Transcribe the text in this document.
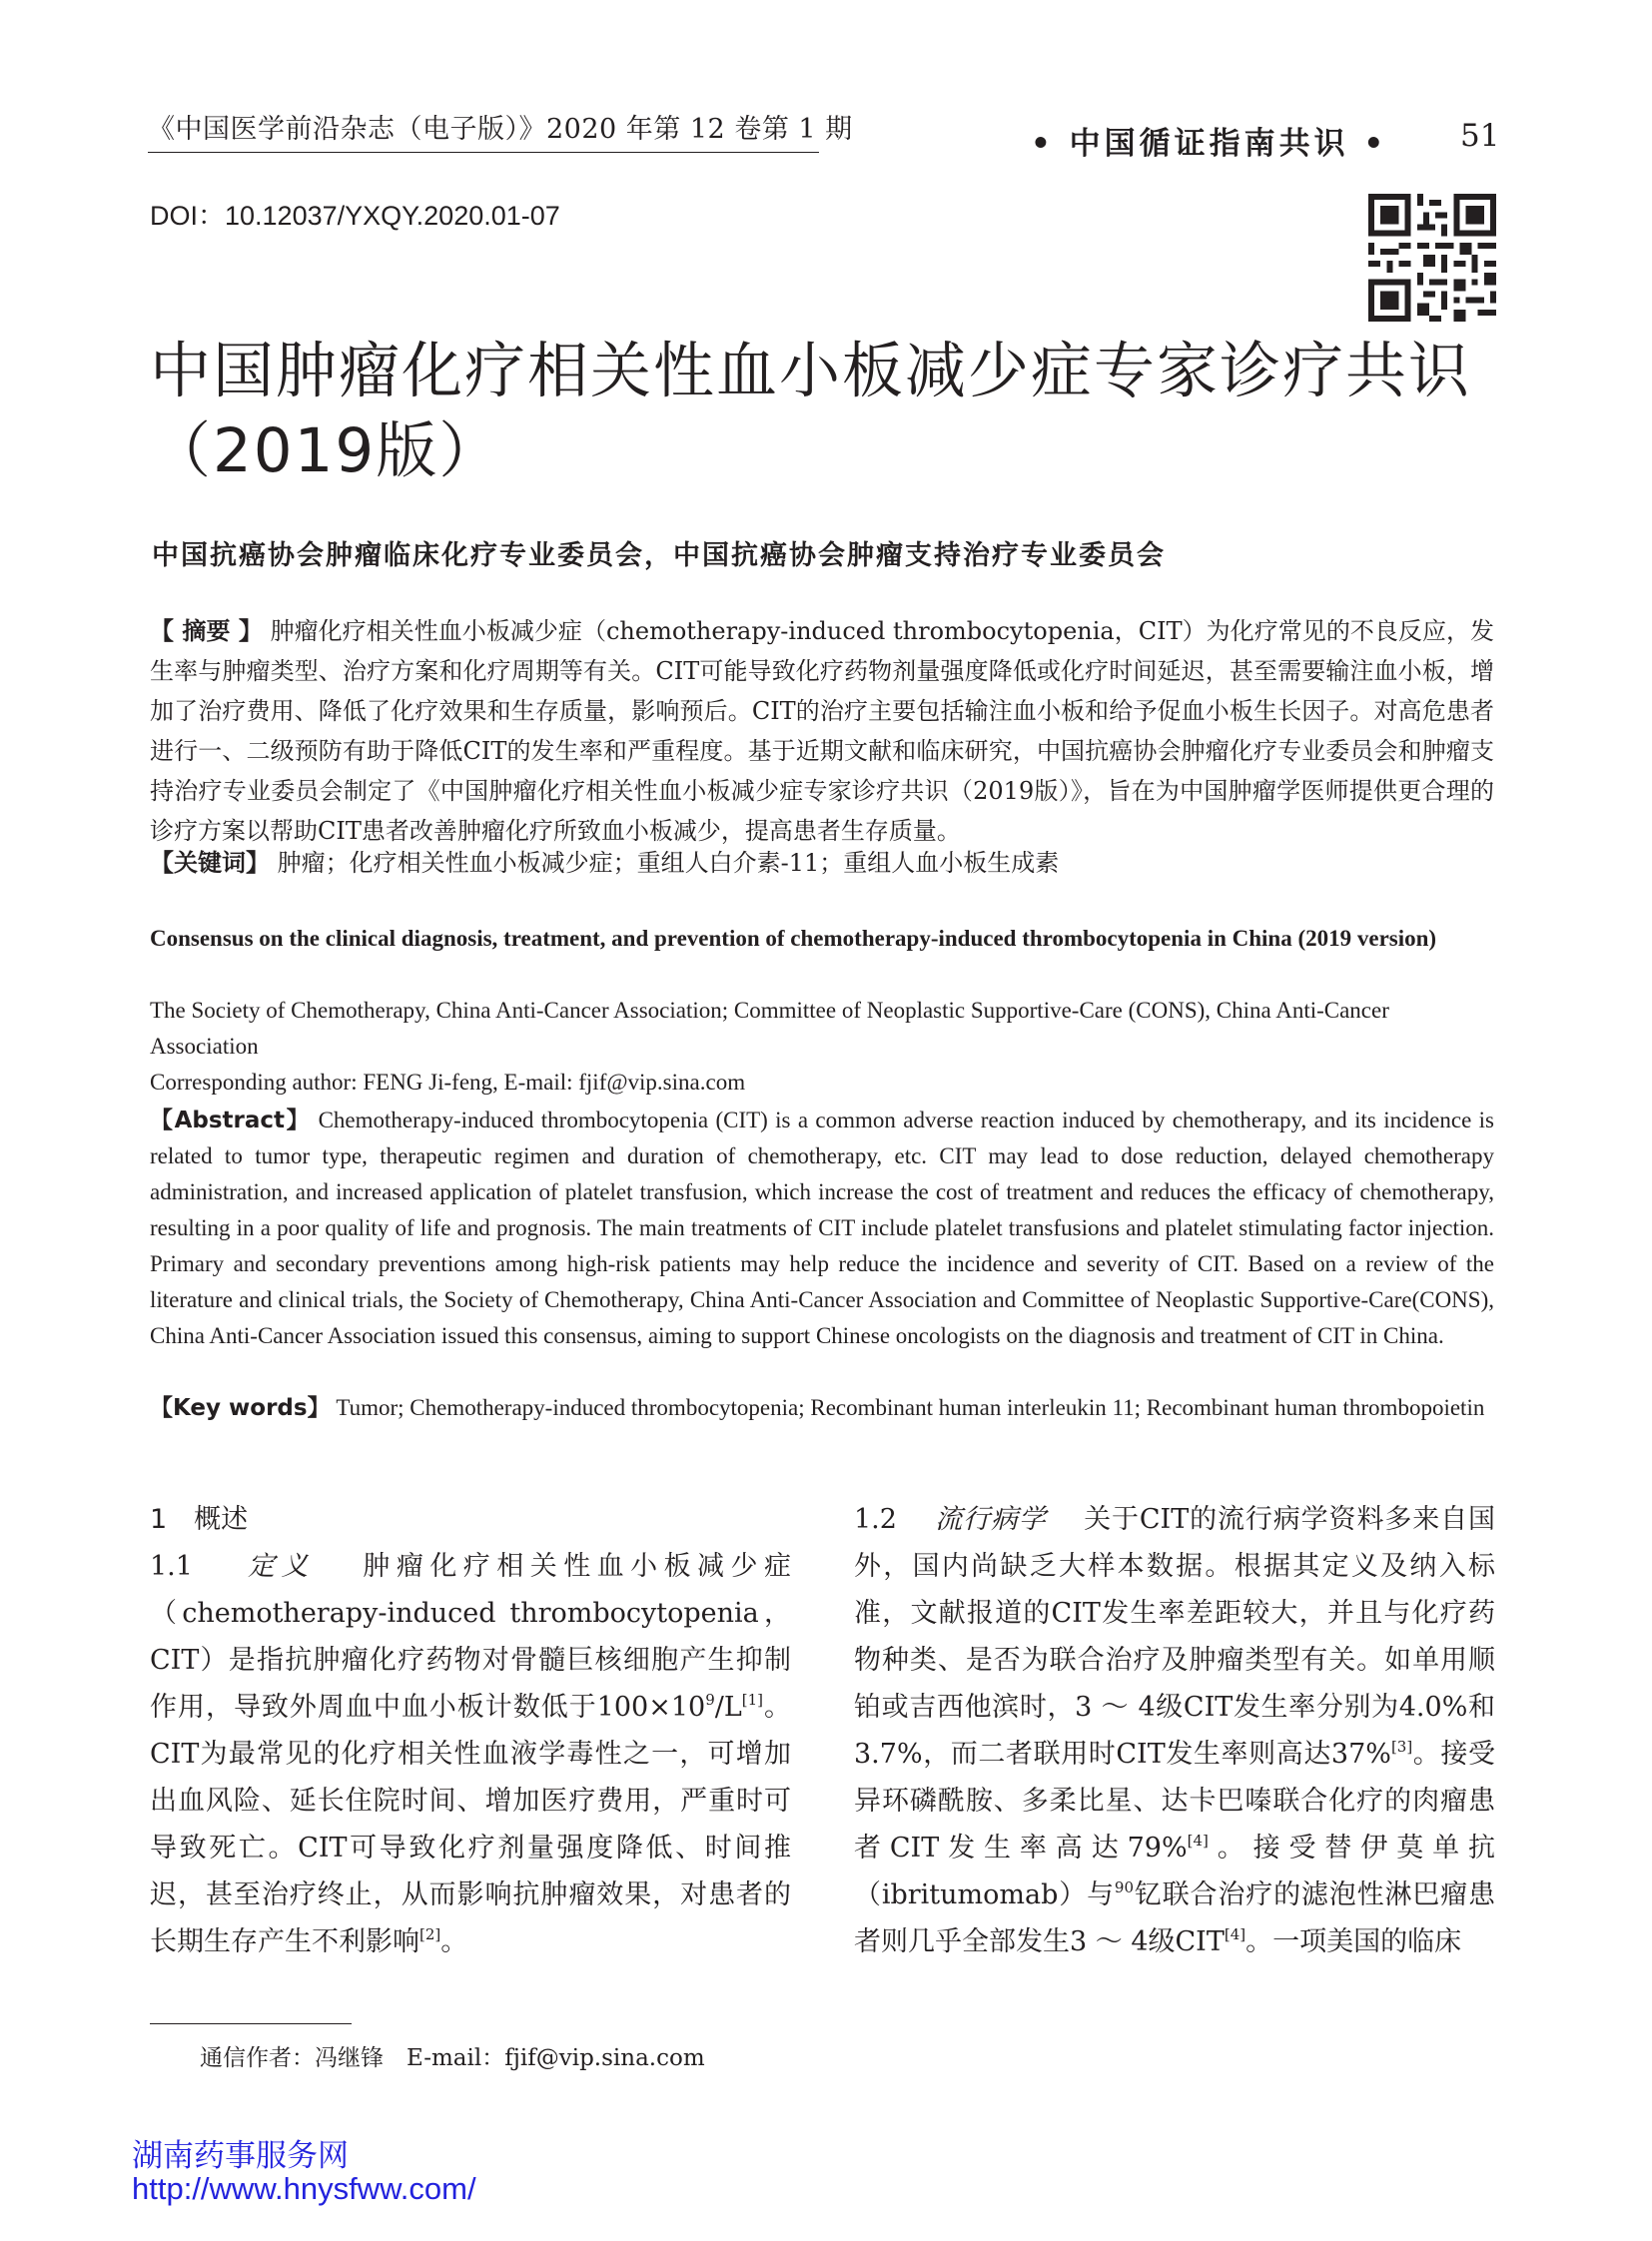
《中国医学前沿杂志（电子版）》2020 年第 12 卷第 1 期	• 中国循证指南共识 • 51
DOI：10.12037/YXQY.2020.01-07
中国肿瘤化疗相关性血小板减少症专家诊疗共识
（2019版）
中国抗癌协会肿瘤临床化疗专业委员会，中国抗癌协会肿瘤支持治疗专业委员会
【 摘要 】 肿瘤化疗相关性血小板减少症（chemotherapy-induced thrombocytopenia，CIT）为化疗常见的不良反应，发生率与肿瘤类型、治疗方案和化疗周期等有关。CIT可能导致化疗药物剂量强度降低或化疗时间延迟，甚至需要输注血小板，增加了治疗费用、降低了化疗效果和生存质量，影响预后。CIT的治疗主要包括输注血小板和给予促血小板生长因子。对高危患者进行一、二级预防有助于降低CIT的发生率和严重程度。基于近期文献和临床研究，中国抗癌协会肿瘤化疗专业委员会和肿瘤支持治疗专业委员会制定了《中国肿瘤化疗相关性血小板减少症专家诊疗共识（2019版）》，旨在为中国肿瘤学医师提供更合理的诊疗方案以帮助CIT患者改善肿瘤化疗所致血小板减少，提高患者生存质量。
【关键词】 肿瘤；化疗相关性血小板减少症；重组人白介素-11；重组人血小板生成素
Consensus on the clinical diagnosis, treatment, and prevention of chemotherapy-induced thrombocytopenia in China (2019 version)
The Society of Chemotherapy, China Anti-Cancer Association; Committee of Neoplastic Supportive-Care (CONS), China Anti-Cancer Association
Corresponding author: FENG Ji-feng, E-mail: fjif@vip.sina.com
【Abstract】 Chemotherapy-induced thrombocytopenia (CIT) is a common adverse reaction induced by chemotherapy, and its incidence is related to tumor type, therapeutic regimen and duration of chemotherapy, etc. CIT may lead to dose reduction, delayed chemotherapy administration, and increased application of platelet transfusion, which increase the cost of treatment and reduces the efficacy of chemotherapy, resulting in a poor quality of life and prognosis. The main treatments of CIT include platelet transfusions and platelet stimulating factor injection. Primary and secondary preventions among high-risk patients may help reduce the incidence and severity of CIT. Based on a review of the literature and clinical trials, the Society of Chemotherapy, China Anti-Cancer Association and Committee of Neoplastic Supportive-Care(CONS), China Anti-Cancer Association issued this consensus, aiming to support Chinese oncologists on the diagnosis and treatment of CIT in China.
【Key words】 Tumor; Chemotherapy-induced thrombocytopenia; Recombinant human interleukin 11; Recombinant human thrombopoietin
1　概述
1.1　 定义　 肿瘤化疗相关性血小板减少症（chemotherapy-induced thrombocytopenia，CIT）是指抗肿瘤化疗药物对骨髓巨核细胞产生抑制作用，导致外周血中血小板计数低于$100\times 10^9/L[1]$。CIT为最常见的化疗相关性血液学毒性之一，可增加出血风险、延长住院时间、增加医疗费用，严重时可导致死亡。CIT可导致化疗剂量强度降低、时间推迟，甚至治疗终止，从而影响抗肿瘤效果，对患者的长期生存产生不利影响[2]。
1.2　 流行病学　 关于CIT的流行病学资料多来自国外，国内尚缺乏大样本数据。根据其定义及纳入标准，文献报道的CIT发生率差距较大，并且与化疗药物种类、是否为联合治疗及肿瘤类型有关。如单用顺铂或吉西他滨时，3 ～ 4级CIT发生率分别为4.0%和3.7%，而二者联用时CIT发生率则高达37%[3]。接受异环磷酰胺、多柔比星、达卡巴嗪联合化疗的肉瘤患者CIT发生率高达79%[4]。接受替伊莫单抗（ibritumomab）与$^{90}$钇联合治疗的滤泡性淋巴瘤患者则几乎全部发生3 ～ 4级CIT[4]。一项美国的临床
通信作者：冯继锋　E-mail：fjif@vip.sina.com
湖南药事服务网
http://www.hnysfww.com/
